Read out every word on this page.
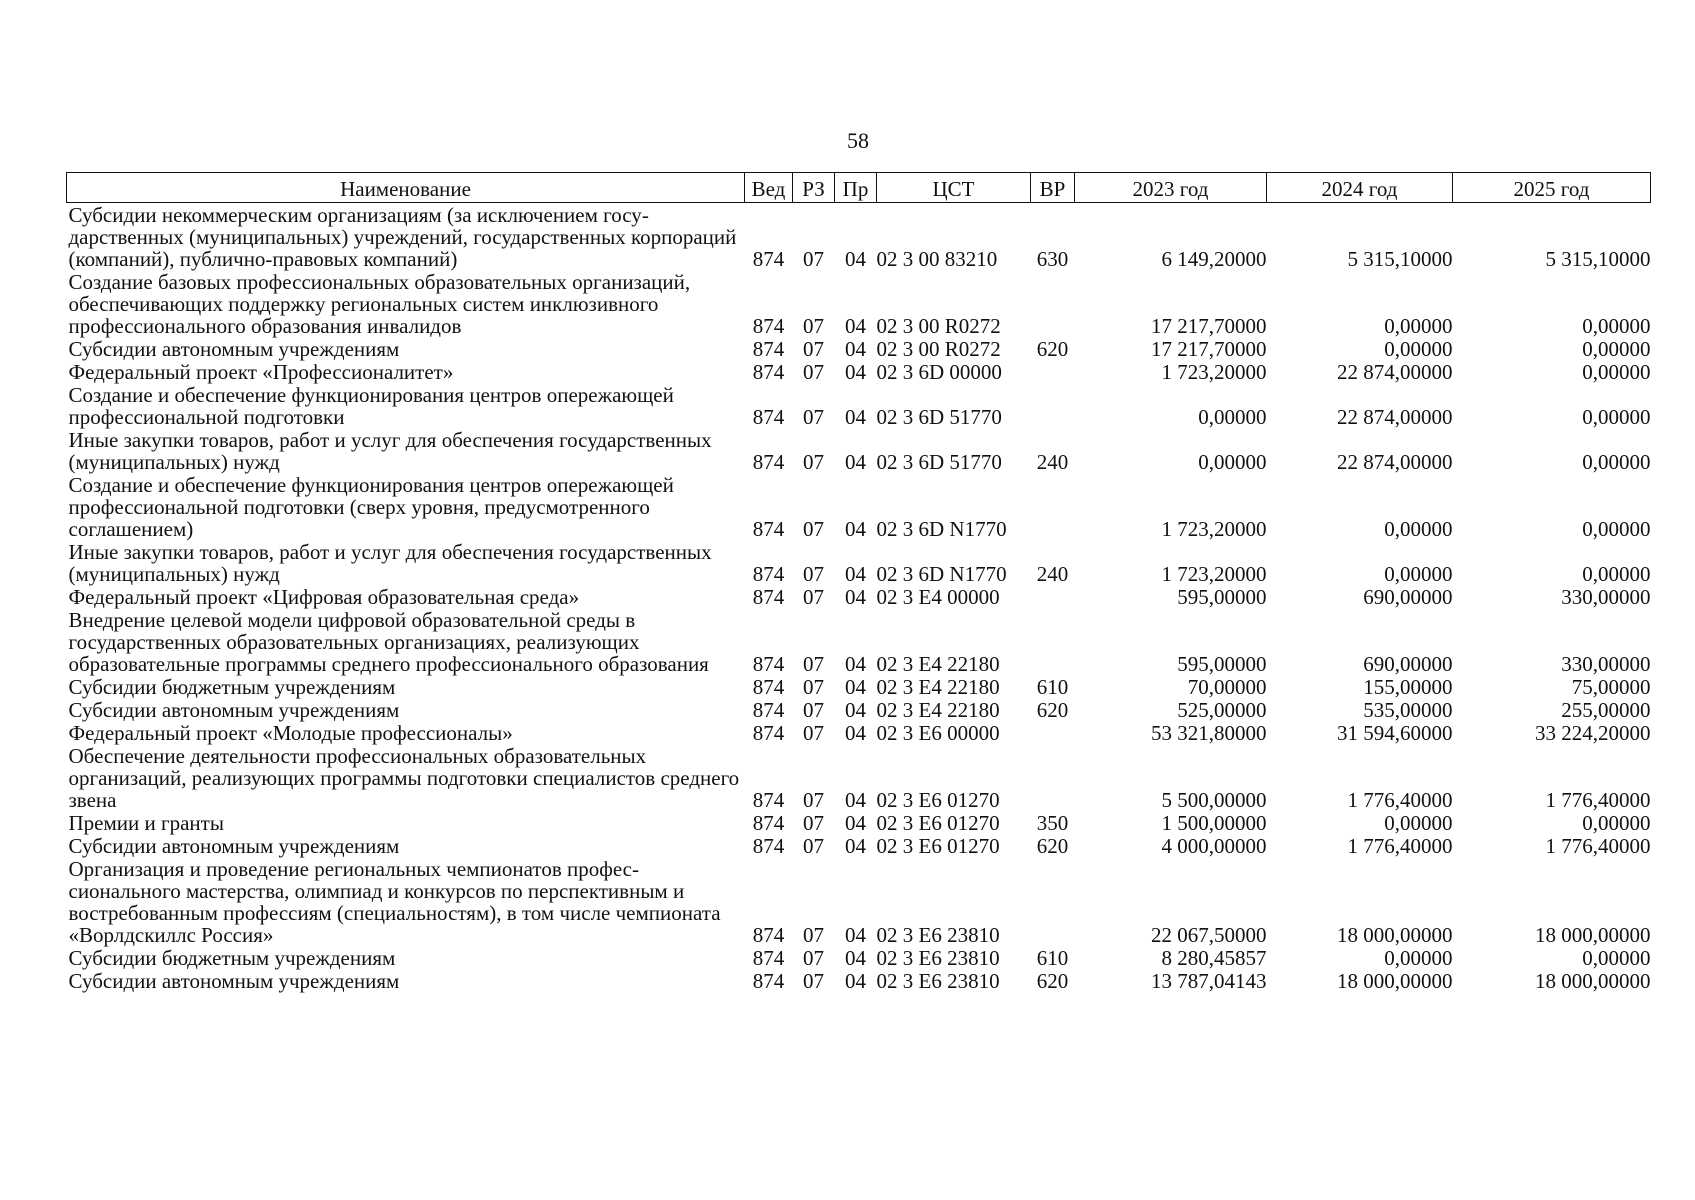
58
Наименование	Вед	РЗ	Пр	ЦСТ	ВР	2023 год	2024 год	2025 год
Субсидии некоммерческим организациям (за исключением государственных (муниципальных) учреждений, государственных корпораций (компаний), публично-правовых компаний)	874	07	04	02 3 00 83210	630	6 149,20000	5 315,10000	5 315,10000
Создание базовых профессиональных образовательных организаций, обеспечивающих поддержку региональных систем инклюзивного профессионального образования инвалидов	874	07	04	02 3 00 R0272		17 217,70000	0,00000	0,00000
Субсидии автономным учреждениям	874	07	04	02 3 00 R0272	620	17 217,70000	0,00000	0,00000
Федеральный проект «Профессионалитет»	874	07	04	02 3 6D 00000		1 723,20000	22 874,00000	0,00000
Создание и обеспечение функционирования центров опережающей профессиональной подготовки	874	07	04	02 3 6D 51770		0,00000	22 874,00000	0,00000
Иные закупки товаров, работ и услуг для обеспечения государственных (муниципальных) нужд	874	07	04	02 3 6D 51770	240	0,00000	22 874,00000	0,00000
Создание и обеспечение функционирования центров опережающей профессиональной подготовки (сверх уровня, предусмотренного соглашением)	874	07	04	02 3 6D N1770		1 723,20000	0,00000	0,00000
Иные закупки товаров, работ и услуг для обеспечения государственных (муниципальных) нужд	874	07	04	02 3 6D N1770	240	1 723,20000	0,00000	0,00000
Федеральный проект «Цифровая образовательная среда»	874	07	04	02 3 E4 00000		595,00000	690,00000	330,00000
Внедрение целевой модели цифровой образовательной среды в государственных образовательных организациях, реализующих образовательные программы среднего профессионального образования	874	07	04	02 3 E4 22180		595,00000	690,00000	330,00000
Субсидии бюджетным учреждениям	874	07	04	02 3 E4 22180	610	70,00000	155,00000	75,00000
Субсидии автономным учреждениям	874	07	04	02 3 E4 22180	620	525,00000	535,00000	255,00000
Федеральный проект «Молодые профессионалы»	874	07	04	02 3 E6 00000		53 321,80000	31 594,60000	33 224,20000
Обеспечение деятельности профессиональных образовательных организаций, реализующих программы подготовки специалистов среднего звена	874	07	04	02 3 E6 01270		5 500,00000	1 776,40000	1 776,40000
Премии и гранты	874	07	04	02 3 E6 01270	350	1 500,00000	0,00000	0,00000
Субсидии автономным учреждениям	874	07	04	02 3 E6 01270	620	4 000,00000	1 776,40000	1 776,40000
Организация и проведение региональных чемпионатов профессионального мастерства, олимпиад и конкурсов по перспективным и востребованным профессиям (специальностям), в том числе чемпионата «Ворлдскиллс Россия»	874	07	04	02 3 E6 23810		22 067,50000	18 000,00000	18 000,00000
Субсидии бюджетным учреждениям	874	07	04	02 3 E6 23810	610	8 280,45857	0,00000	0,00000
Субсидии автономным учреждениям	874	07	04	02 3 E6 23810	620	13 787,04143	18 000,00000	18 000,00000
